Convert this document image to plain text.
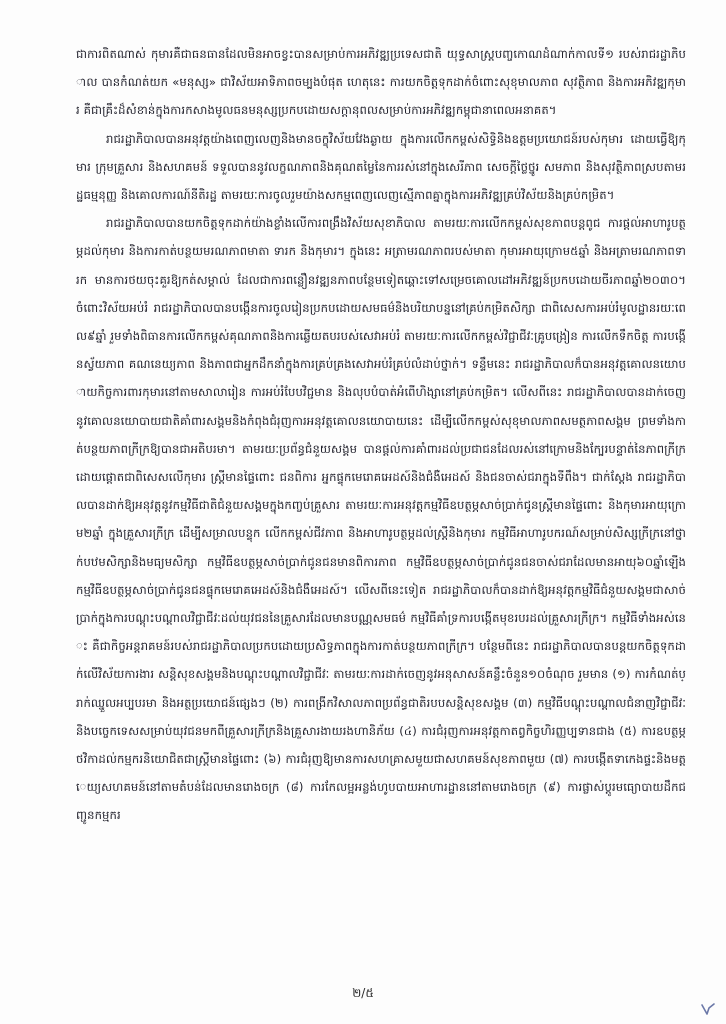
ជាការពិតណាស់ កុមារគឺជាធនធានដែលមិនអាចខ្វះបានសម្រាប់ការអភិវឌ្ឍប្រទេសជាតិ យុទ្ធសាស្ត្របញ្ចកោណដំណាក់កាលទី១ របស់រាជរដ្ឋាភិបាល បានកំណត់យក «មនុស្ស» ជាវិស័យអាទិភាពចម្បងបំផុត ហេតុនេះ ការយកចិត្តទុកដាក់ចំពោះសុខុមាលភាព សុវត្ថិភាព និងការអភិវឌ្ឍកុមារ គឺជាគ្រឹះដ៏សំខាន់ក្នុងការកសាងមូលធនមនុស្សប្រកបដោយសក្តានុពលសម្រាប់ការអភិវឌ្ឍកម្ពុជានាពេលអនាគត។

រាជរដ្ឋាភិបាលបានអនុវត្តយ៉ាងពេញលេញនិងមានចក្ខុវិស័យវែងឆ្ងាយ ក្នុងការលើកកម្ពស់សិទ្ធិនិងឧត្តមប្រយោជន៍របស់កុមារ ដោយធ្វើឱ្យកុមារ ក្រុមគ្រួសារ និងសហគមន៍ ទទួលបាននូវលក្ខណភាពនិងគុណតម្លៃនៃការរស់នៅក្នុងសេរីភាព សេចក្តីថ្លៃថ្នូរ សមភាព និងសុវត្ថិភាពស្របតាមរដ្ឋធម្មនុញ្ញ និងគោលការណ៍នីតិរដ្ឋ តាមរយៈការចូលរួមយ៉ាងសកម្មពេញលេញស្មើភាពគ្នាក្នុងការអភិវឌ្ឍគ្រប់វិស័យនិងគ្រប់កម្រិត។

រាជរដ្ឋាភិបាលបានយកចិត្តទុកដាក់យ៉ាងខ្លាំងលើការពង្រឹងវិស័យសុខាភិបាល តាមរយៈការលើកកម្ពស់សុខភាពបន្តពូជ ការផ្តល់អាហារូបត្ថម្ភដល់កុមារ និងការកាត់បន្ថយមរណភាពមាតា ទារក និងកុមារ។ ក្នុងនេះ អត្រាមរណភាពរបស់មាតា កុមារអាយុក្រោម៥ឆ្នាំ និងអត្រាមរណភាពទារក មានការថយចុះគួរឱ្យកត់សម្គាល់ ដែលជាការពន្លឿនវឌ្ឍនភាពបន្ថែមទៀតឆ្ពោះទៅសម្រេចគោលដៅអភិវឌ្ឍន៍ប្រកបដោយចីរភាពឆ្នាំ២០៣០។ ចំពោះវិស័យអប់រំ រាជរដ្ឋាភិបាលបានបង្កើនការចូលរៀនប្រកបដោយសមធម៌និងបរិយាបន្ននៅគ្រប់កម្រិតសិក្សា ជាពិសេសការអប់រំមូលដ្ឋានរយៈពេល៩ឆ្នាំ រួមទាំងពិធានការលើកកម្ពស់គុណភាពនិងការឆ្លើយតបរបស់សេវាអប់រំ តាមរយៈការលើកកម្ពស់វិជ្ជាជីវៈគ្រូបង្រៀន ការលើកទឹកចិត្ត ការបង្កើនស្វ័យភាព គណនេយ្យភាព និងភាពជាអ្នកដឹកនាំក្នុងការគ្រប់គ្រងសេវាអប់រំគ្រប់លំដាប់ថ្នាក់។ ទន្ទឹមនេះ រាជរដ្ឋាភិបាលក៏បានអនុវត្តគោលនយោបាយកិច្ចការពារកុមារនៅតាមសាលារៀន ការអប់រំបែបវិជ្ជមាន និងលុបបំបាត់អំពើហិង្សានៅគ្រប់កម្រិត។ លើសពីនេះ រាជរដ្ឋាភិបាលបានដាក់ចេញនូវគោលនយោបាយជាតិគាំពារសង្គមនិងកំពុងជំរុញការអនុវត្តគោលនយោបាយនេះ ដើម្បីលើកកម្ពស់សុខុមាលភាពសមត្ថភាពសង្គម ព្រមទាំងកាត់បន្ថយភាពក្រីក្រឱ្យបានជាអតិបរមា។ តាមរយៈប្រព័ន្ធជំនួយសង្គម បានផ្តល់ការគាំពារដល់ប្រជាជនដែលរស់នៅក្រោមនិងក្បែរបន្ទាត់នៃភាពក្រីក្រ ដោយផ្តោតជាពិសេសលើកុមារ ស្ត្រីមានផ្ទៃពោះ ជនពិការ អ្នកផ្ទុកមេរោគអេដស៍និងជំងឺអេដស៍ និងជនចាស់ជរាក្នុងទីពឹង។ ជាក់ស្តែង រាជរដ្ឋាភិបាលបានដាក់ឱ្យអនុវត្តនូវកម្មវិធីជាតិជំនួយសង្គមក្នុងកញ្ចប់គ្រួសារ តាមរយៈការអនុវត្តកម្មវិធីឧបត្ថម្ភសាច់ប្រាក់ជូនស្ត្រីមានផ្ទៃពោះ និងកុមារអាយុក្រោម២ឆ្នាំ ក្នុងគ្រួសារក្រីក្រ ដើម្បីសម្រាលបន្ទុក លើកកម្ពស់ជីវភាព និងអាហារូបត្ថម្ភដល់ស្ត្រីនិងកុមារ កម្មវិធីអាហារូបករណ៍សម្រាប់សិស្សក្រីក្រនៅថ្នាក់បឋមសិក្សានិងមធ្យមសិក្សា កម្មវិធីឧបត្ថម្ភសាច់ប្រាក់ជូនជនមានពិការភាព កម្មវិធីឧបត្ថម្ភសាច់ប្រាក់ជូនជនចាស់ជរាដែលមានអាយុ៦០ឆ្នាំឡើង កម្មវិធីឧបត្ថម្ភសាច់ប្រាក់ជូនជនផ្ទុកមេរោគអេដស៍និងជំងឺអេដស៍។ លើសពីនេះទៀត រាជរដ្ឋាភិបាលក៏បានដាក់ឱ្យអនុវត្តកម្មវិធីជំនួយសង្គមជាសាច់ប្រាក់ក្នុងការបណ្តុះបណ្តាលវិជ្ជាជីវៈដល់យុវជននៃគ្រួសារដែលមានបណ្ណសមធម៌ កម្មវិធីគាំទ្រការបង្កើតមុខរបរដល់គ្រួសារក្រីក្រ។ កម្មវិធីទាំងអស់នេះ គឺជាកិច្ចអន្តរាគមន៍របស់រាជរដ្ឋាភិបាលប្រកបដោយប្រសិទ្ធភាពក្នុងការកាត់បន្ថយភាពក្រីក្រ។ បន្ថែមពីនេះ រាជរដ្ឋាភិបាលបានបន្តយកចិត្តទុកដាក់លើវិស័យការងារ សន្តិសុខសង្គមនិងបណ្តុះបណ្តាលវិជ្ជាជីវៈ តាមរយៈការដាក់ចេញនូវអនុសាសន៍គន្លឹះចំនួន១០ចំណុច រួមមាន (១) ការកំណត់ប្រាក់ឈ្នួលអប្បបរមា និងអត្ថប្រយោជន៍ផ្សេងៗ (២) ការពង្រីកវិសាលភាពប្រព័ន្ធជាតិរបបសន្តិសុខសង្គម (៣) កម្មវិធីបណ្តុះបណ្តាលជំនាញវិជ្ជាជីវៈ និងបច្ចេកទេសសម្រាប់យុវជនមកពីគ្រួសារក្រីក្រនិងគ្រួសារងាយរងហានិភ័យ (៤) ការជំរុញការអនុវត្តកាតព្វកិច្ចហិរញ្ញប្បទានជាង (៥) ការឧបត្ថម្ភថវិកាដល់កម្មករនិយោជិតជាស្ត្រីមានផ្ទៃពោះ (៦) ការជំរុញឱ្យមានការសហគ្រាសមួយជាសហគមន៍សុខភាពមួយ (៧) ការបង្កើតទាកេងផ្ទះនិងមត្តេយ្យសហគមន៍នៅតាមតំបន់ដែលមានរោងចក្រ (៨) ការកែលម្អអន្លង់ហូបបាយអាហារដ្ឋាននៅតាមរោងចក្រ (៩) ការផ្លាស់ប្តូរមធ្យោបាយដឹកជញ្ជូនកម្មករ

២/៥
